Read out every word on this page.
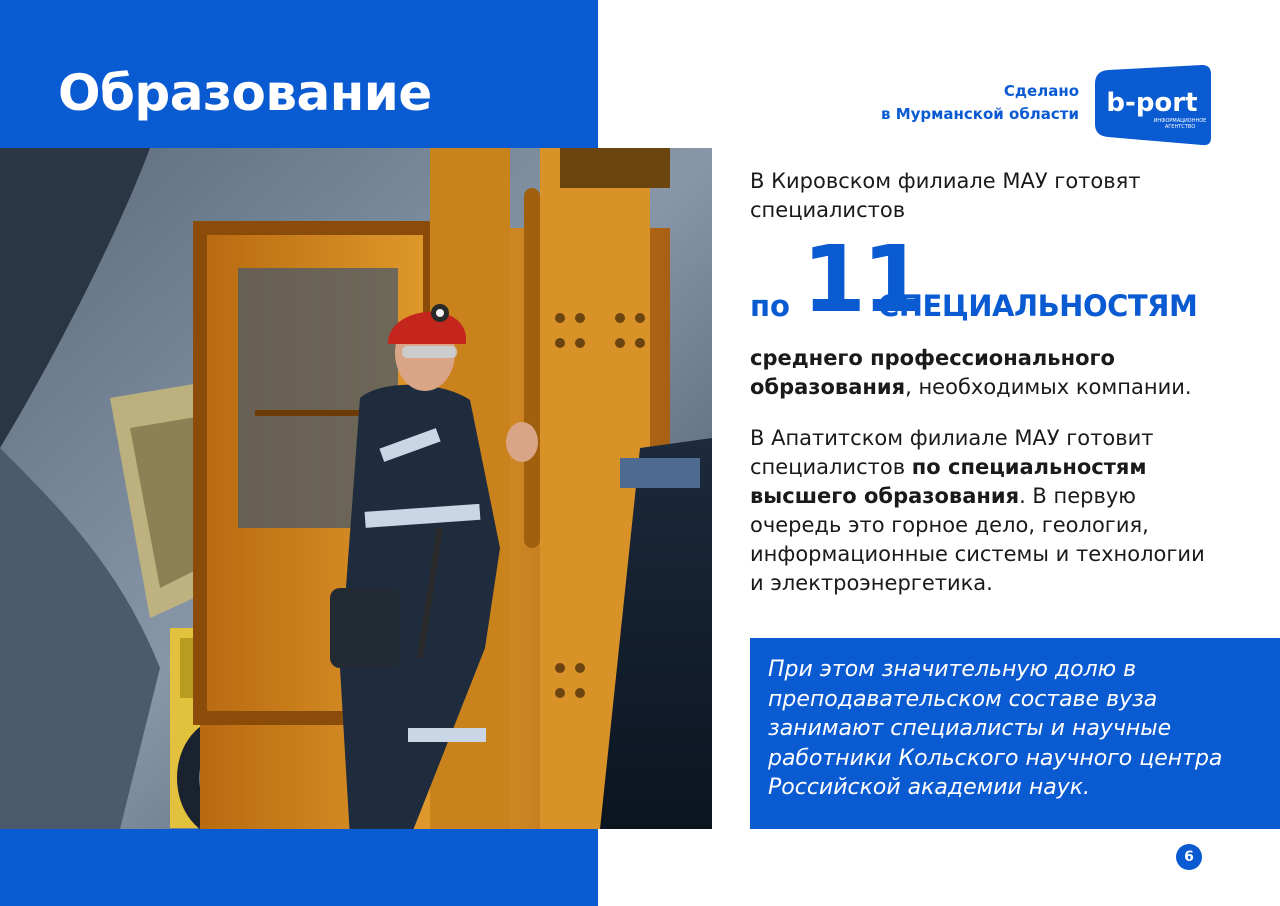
Образование	Сделано
в Мурманской области b-port
ИНФОРМАЦИОННОЕ
АГЕНТСТВО
В Кировском филиале МАУ готовят специалистов
по 11
СПЕЦИАЛЬНОСТЯМ
среднего профессионального образования, необходимых компании.
В Апатитском филиале МАУ готовит специалистов по специальностям высшего образования. В первую очередь это горное дело, геология, информационные системы и технологии и электроэнергетика.
При этом значительную долю в преподавательском составе вуза занимают специалисты и научные работники Кольского научного центра Российской академии наук.
6
